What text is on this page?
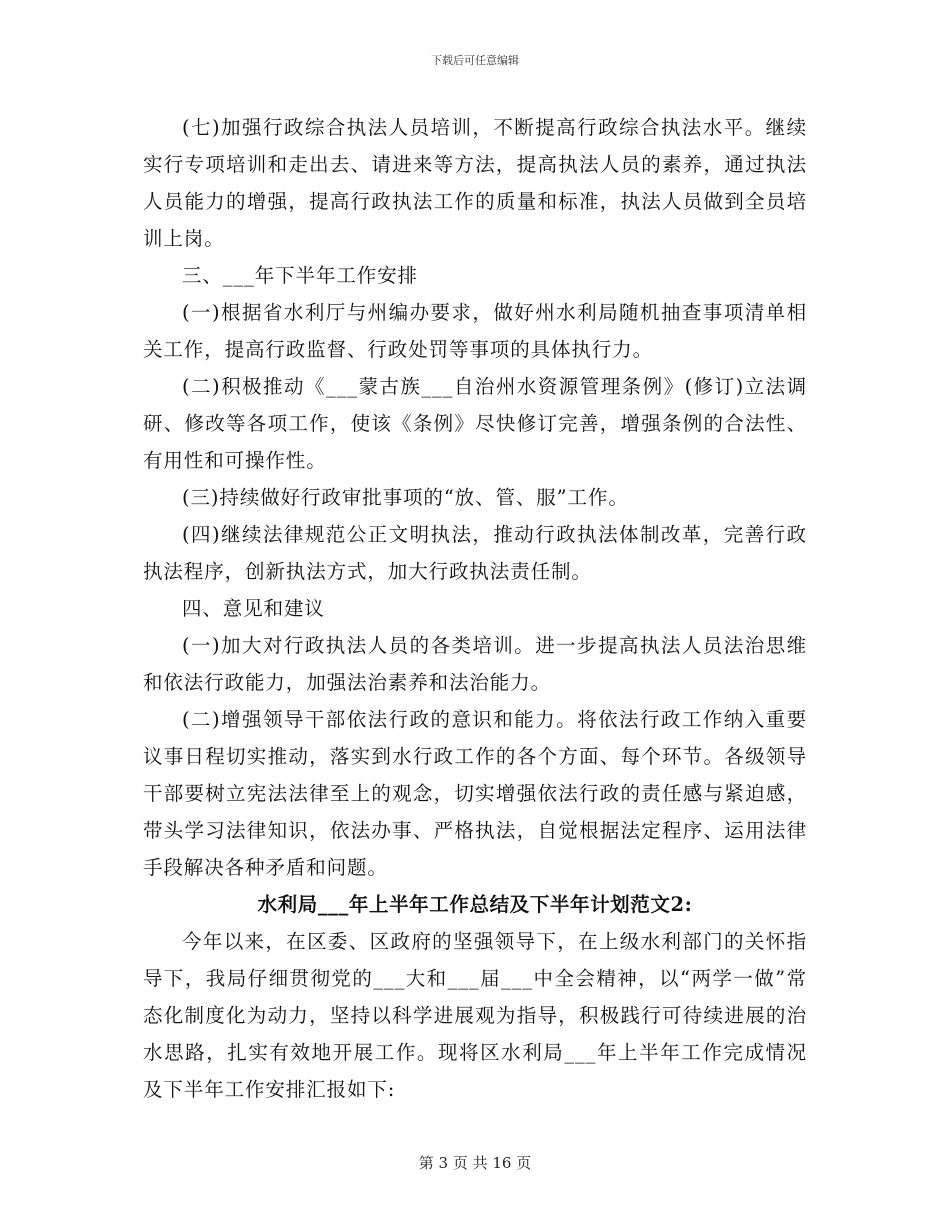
下载后可任意编辑

(七)加强行政综合执法人员培训，不断提高行政综合执法水平。继续实行专项培训和走出去、请进来等方法，提高执法人员的素养，通过执法人员能力的增强，提高行政执法工作的质量和标准，执法人员做到全员培训上岗。

三、___年下半年工作安排

(一)根据省水利厅与州编办要求，做好州水利局随机抽查事项清单相关工作，提高行政监督、行政处罚等事项的具体执行力。

(二)积极推动《___蒙古族___自治州水资源管理条例》(修订)立法调研、修改等各项工作，使该《条例》尽快修订完善，增强条例的合法性、有用性和可操作性。

(三)持续做好行政审批事项的“放、管、服”工作。

(四)继续法律规范公正文明执法，推动行政执法体制改革，完善行政执法程序，创新执法方式，加大行政执法责任制。

四、意见和建议

(一)加大对行政执法人员的各类培训。进一步提高执法人员法治思维和依法行政能力，加强法治素养和法治能力。

(二)增强领导干部依法行政的意识和能力。将依法行政工作纳入重要议事日程切实推动，落实到水行政工作的各个方面、每个环节。各级领导干部要树立宪法法律至上的观念，切实增强依法行政的责任感与紧迫感，带头学习法律知识，依法办事、严格执法，自觉根据法定程序、运用法律手段解决各种矛盾和问题。

水利局___年上半年工作总结及下半年计划范文2:

今年以来，在区委、区政府的坚强领导下，在上级水利部门的关怀指导下，我局仔细贯彻党的___大和___届___中全会精神，以“两学一做”常态化制度化为动力，坚持以科学进展观为指导，积极践行可待续进展的治水思路，扎实有效地开展工作。现将区水利局___年上半年工作完成情况及下半年工作安排汇报如下:

第 3 页 共 16 页
